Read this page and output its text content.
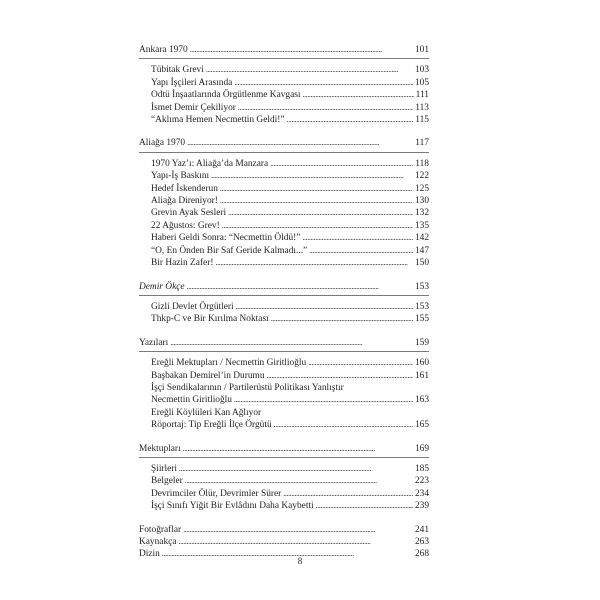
Ankara 1970 . . .	101
Tübitak Grevi . . .	103
Yapı İşçileri Arasında . . .	105
Odtü İnşaatlarında Örgütlenme Kavgası . . .	111
İsmet Demir Çekiliyor . . .	113
“Aklıma Hemen Necmettin Geldi!” . . .	115
Aliağa 1970 . . .	117
1970 Yaz’ı: Aliağa’da Manzara . . .	118
Yapı-İş Baskını . . .	122
Hedef İskenderun . . .	125
Aliağa Direniyor! . . .	130
Grevin Ayak Sesleri . . .	132
22 Ağustos: Grev! . . .	135
Haberi Geldi Sonra: “Necmettin Öldü!” . . .	142
“O, En Önden Bir Saf Geride Kalmadı...” . . .	147
Bir Hazin Zafer! . . .	150
Demir Ökçe . . .	153
Gizli Devlet Örgütleri . . .	153
Thkp-C ve Bir Kırılma Noktası . . .	155
Yazıları . . .	159
Ereğli Mektupları / Necmettin Giritlioğlu . . .	160
Başbakan Demirel’in Durumu . . .	161
İşçi Sendikalarının / Partilerüstü Politikası Yanlıştır
Necmettin Giritlioğlu . . .	163
Ereğli Köylüleri Kan Ağlıyor
Röportaj: Tip Ereğli İlçe Örgütü . . .	165
Mektupları . . .	169
Şiirleri . . .	185
Belgeler . . .	223
Devrimciler Ölür, Devrimler Sürer . . .	234
İşçi Sınıfı Yiğit Bir Evlâdını Daha Kaybetti . . .	239
Fotoğraflar . . .	241
Kaynakça . . .	263
Dizin . . .	268
8
